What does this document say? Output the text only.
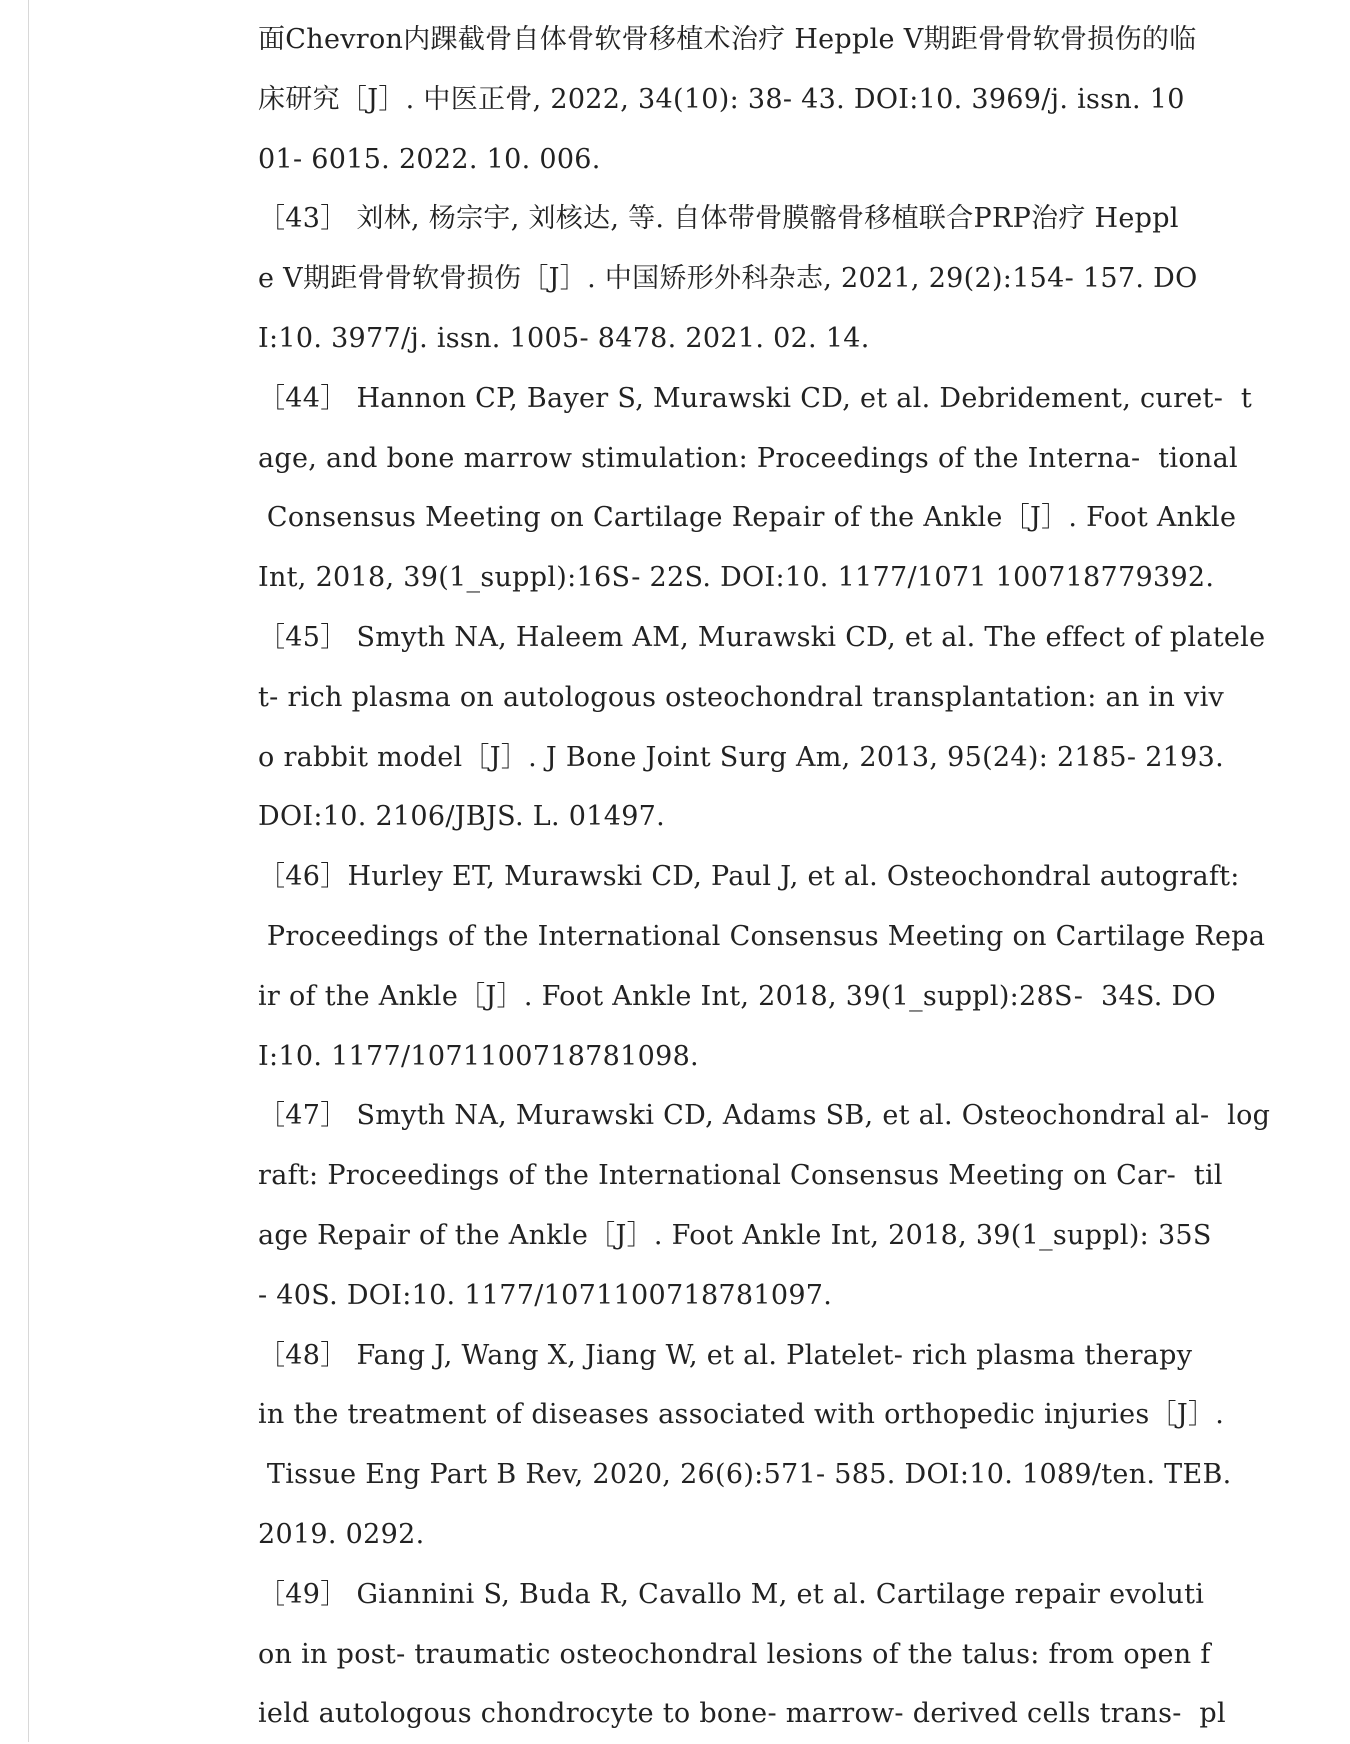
面Chevron内踝截骨自体骨软骨移植术治疗 Hepple Ⅴ期距骨骨软骨损伤的临
床研究［J］. 中医正骨, 2022, 34(10): 38- 43. DOI:10. 3969/j. issn. 10
01- 6015. 2022. 10. 006.
［43］ 刘林, 杨宗宇, 刘核达, 等. 自体带骨膜髂骨移植联合PRP治疗 Heppl
e Ⅴ期距骨骨软骨损伤［J］. 中国矫形外科杂志, 2021, 29(2):154- 157. DO
I:10. 3977/j. issn. 1005- 8478. 2021. 02. 14.
［44］ Hannon CP, Bayer S, Murawski CD, et al. Debridement, curet-  t
age, and bone marrow stimulation: Proceedings of the Interna-  tional
Consensus Meeting on Cartilage Repair of the Ankle［J］. Foot Ankle
Int, 2018, 39(1_suppl):16S- 22S. DOI:10. 1177/1071 100718779392.
［45］ Smyth NA, Haleem AM, Murawski CD, et al. The effect of platele
t- rich plasma on autologous osteochondral transplantation: an in viv
o rabbit model［J］. J Bone Joint Surg Am, 2013, 95(24): 2185- 2193.
DOI:10. 2106/JBJS. L. 01497.
［46］Hurley ET, Murawski CD, Paul J, et al. Osteochondral autograft:
Proceedings of the International Consensus Meeting on Cartilage Repa
ir of the Ankle［J］. Foot Ankle Int, 2018, 39(1_suppl):28S-  34S. DO
I:10. 1177/1071100718781098.
［47］ Smyth NA, Murawski CD, Adams SB, et al. Osteochondral al-  log
raft: Proceedings of the International Consensus Meeting on Car-  til
age Repair of the Ankle［J］. Foot Ankle Int, 2018, 39(1_suppl): 35S
- 40S. DOI:10. 1177/1071100718781097.
［48］ Fang J, Wang X, Jiang W, et al. Platelet- rich plasma therapy
in the treatment of diseases associated with orthopedic injuries［J］.
Tissue Eng Part B Rev, 2020, 26(6):571- 585. DOI:10. 1089/ten. TEB.
2019. 0292.
［49］ Giannini S, Buda R, Cavallo M, et al. Cartilage repair evoluti
on in post- traumatic osteochondral lesions of the talus: from open f
ield autologous chondrocyte to bone- marrow- derived cells trans-  pl
